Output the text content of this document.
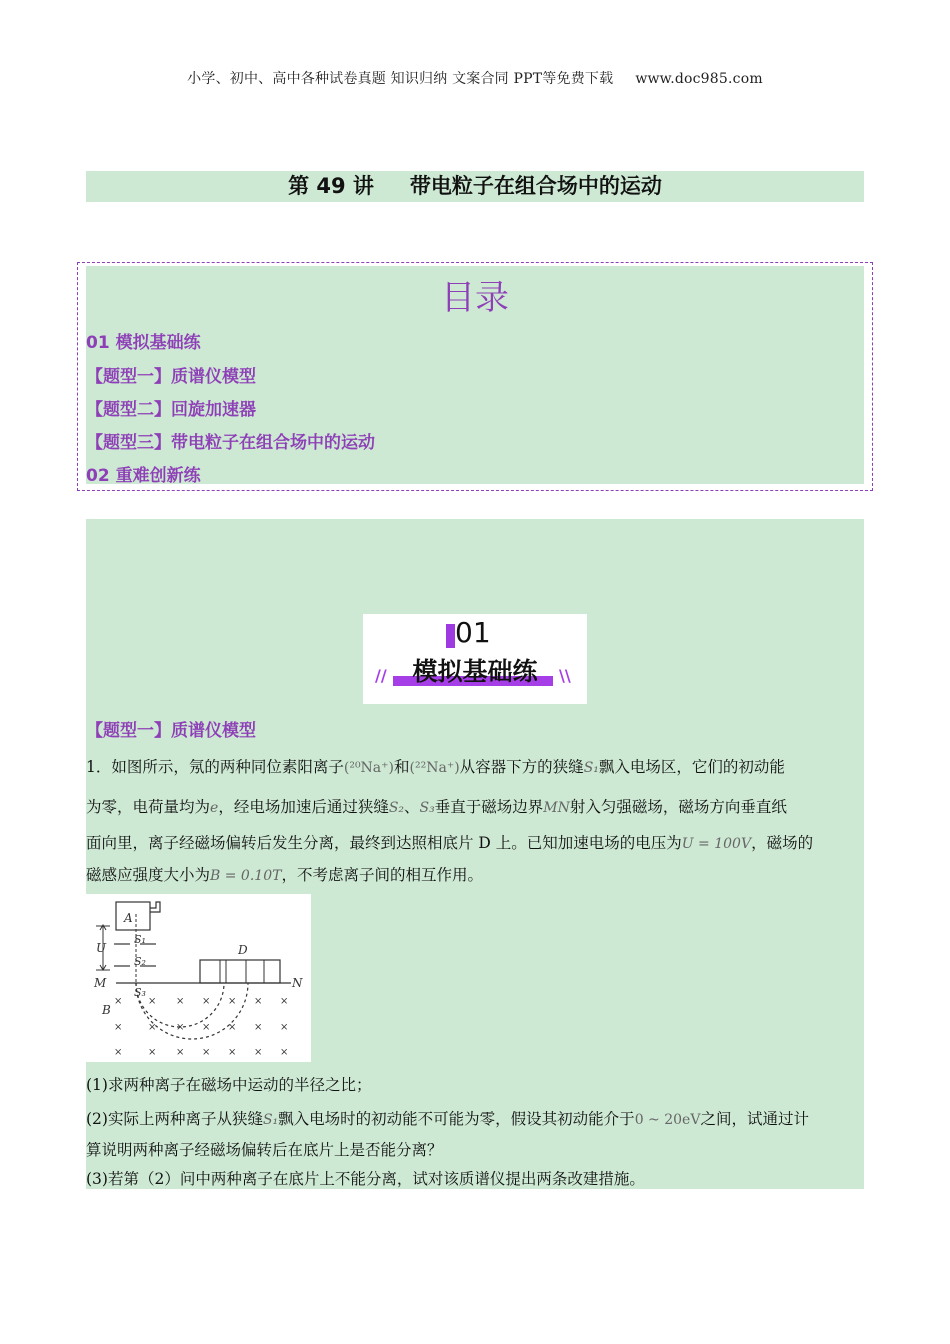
小学、初中、高中各种试卷真题 知识归纳 文案合同 PPT等免费下载 www.doc985.com
第 49 讲 带电粒子在组合场中的运动
目录
01 模拟基础练
【题型一】质谱仪模型
【题型二】回旋加速器
【题型三】带电粒子在组合场中的运动
02 重难创新练
01
模拟基础练
//	\\
【题型一】质谱仪模型
1．如图所示，氖的两种同位素阳离子(²⁰Na⁺)和(²²Na⁺)从容器下方的狭缝S₁飘入电场区，它们的初动能
为零，电荷量均为e，经电场加速后通过狭缝S₂、S₃垂直于磁场边界MN射入匀强磁场，磁场方向垂直纸
面向里，离子经磁场偏转后发生分离，最终到达照相底片 D 上。已知加速电场的电压为U = 100V，磁场的
磁感应强度大小为B = 0.10T，不考虑离子间的相互作用。
A
U
S₁
S₂
M	N
S₃
D
B
×	× × × × × ×
×	× × × × × ×
×	× × × × × ×
(1)求两种离子在磁场中运动的半径之比；
(2)实际上两种离子从狭缝S₁飘入电场时的初动能不可能为零，假设其初动能介于0 ~ 20eV之间，试通过计
算说明两种离子经磁场偏转后在底片上是否能分离？
(3)若第（2）问中两种离子在底片上不能分离，试对该质谱仪提出两条改建措施。
